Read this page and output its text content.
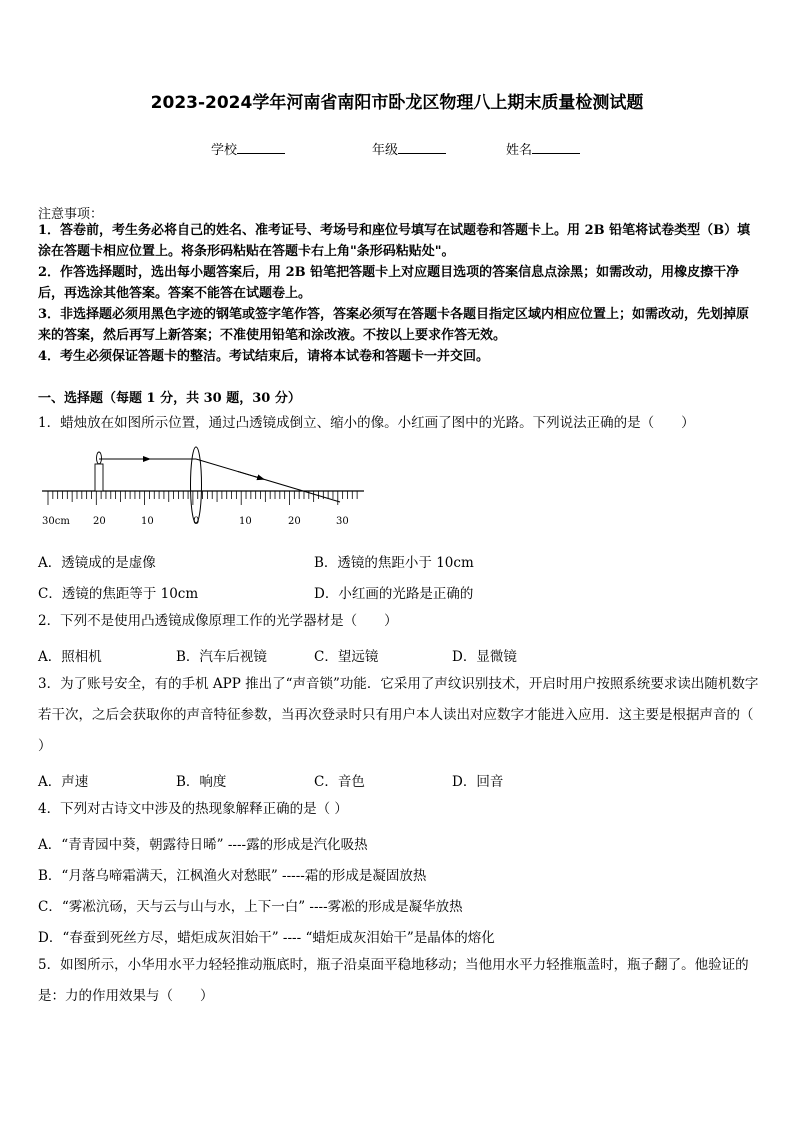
2023-2024学年河南省南阳市卧龙区物理八上期末质量检测试题
学校	年级	姓名
注意事项：
1．答卷前，考生务必将自己的姓名、准考证号、考场号和座位号填写在试题卷和答题卡上。用 2B 铅笔将试卷类型（B）填涂在答题卡相应位置上。将条形码粘贴在答题卡右上角"条形码粘贴处"。
2．作答选择题时，选出每小题答案后，用 2B 铅笔把答题卡上对应题目选项的答案信息点涂黑；如需改动，用橡皮擦干净后，再选涂其他答案。答案不能答在试题卷上。
3．非选择题必须用黑色字迹的钢笔或签字笔作答，答案必须写在答题卡各题目指定区域内相应位置上；如需改动，先划掉原来的答案，然后再写上新答案；不准使用铅笔和涂改液。不按以上要求作答无效。
4．考生必须保证答题卡的整洁。考试结束后，请将本试卷和答题卡一并交回。
一、选择题（每题 1 分，共 30 题，30 分）
1．蜡烛放在如图所示位置，通过凸透镜成倒立、缩小的像。小红画了图中的光路。下列说法正确的是（　　）
30cm 20	10	0	10	20	30
A．透镜成的是虚像	B．透镜的焦距小于 10cm
C．透镜的焦距等于 10cm	D．小红画的光路是正确的
2．下列不是使用凸透镜成像原理工作的光学器材是（　　）
A．照相机	B．汽车后视镜	C．望远镜	D．显微镜
3．为了账号安全，有的手机 APP 推出了“声音锁”功能．它采用了声纹识别技术，开启时用户按照系统要求读出随机数字若干次，之后会获取你的声音特征参数，当再次登录时只有用户本人读出对应数字才能进入应用．这主要是根据声音的（ ）
A．声速	B．响度	C．音色	D．回音
4．下列对古诗文中涉及的热现象解释正确的是（ ）
A．“青青园中葵，朝露待日晞” ----露的形成是汽化吸热
B．“月落乌啼霜满天，江枫渔火对愁眠” -----霜的形成是凝固放热
C．“雾凇沆砀，天与云与山与水，上下一白” ----雾凇的形成是凝华放热
D．“春蚕到死丝方尽，蜡炬成灰泪始干” ---- “蜡炬成灰泪始干”是晶体的熔化
5．如图所示，小华用水平力轻轻推动瓶底时，瓶子沿桌面平稳地移动；当他用水平力轻推瓶盖时，瓶子翻了。他验证的是：力的作用效果与（　　）
